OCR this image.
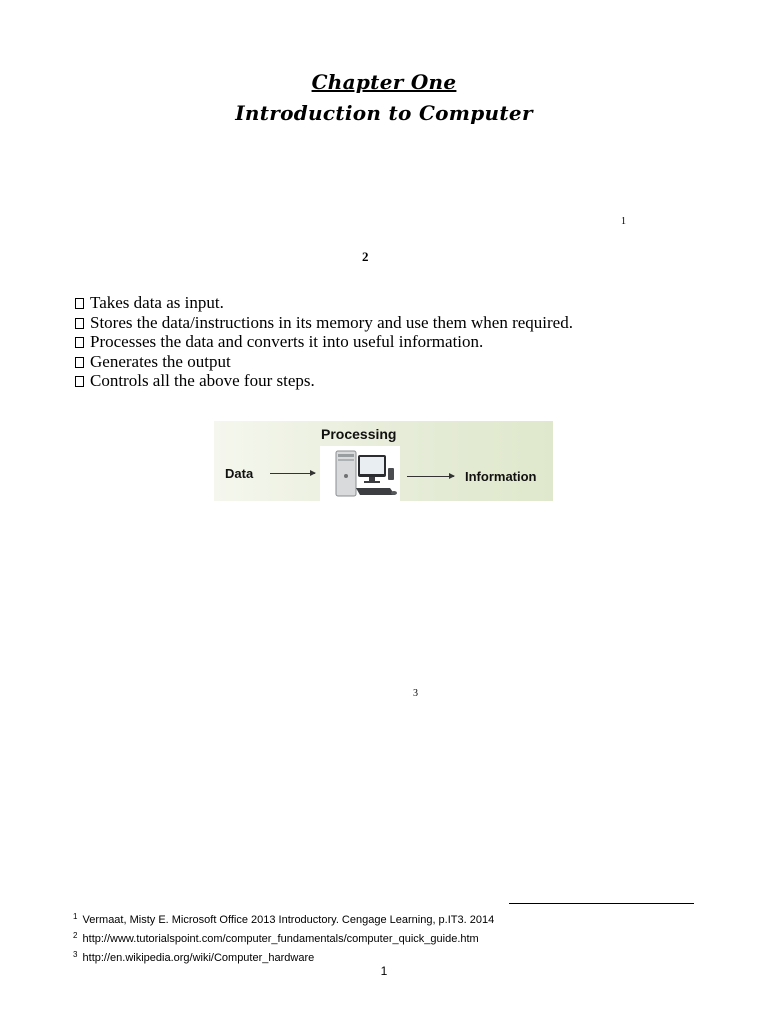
Chapter One
Introduction to Computer
1
2
Takes data as input.
Stores the data/instructions in its memory and use them when required.
Processes the data and converts it into useful information.
Generates the output
Controls all the above four steps.
Processing
Data	Information
3
$^1$ Vermaat, Misty E. Microsoft Office 2013 Introductory. Cengage Learning, p.IT3. 2014
$^2$ http://www.tutorialspoint.com/computer_fundamentals/computer_quick_guide.htm
$^3$ http://en.wikipedia.org/wiki/Computer_hardware
1
